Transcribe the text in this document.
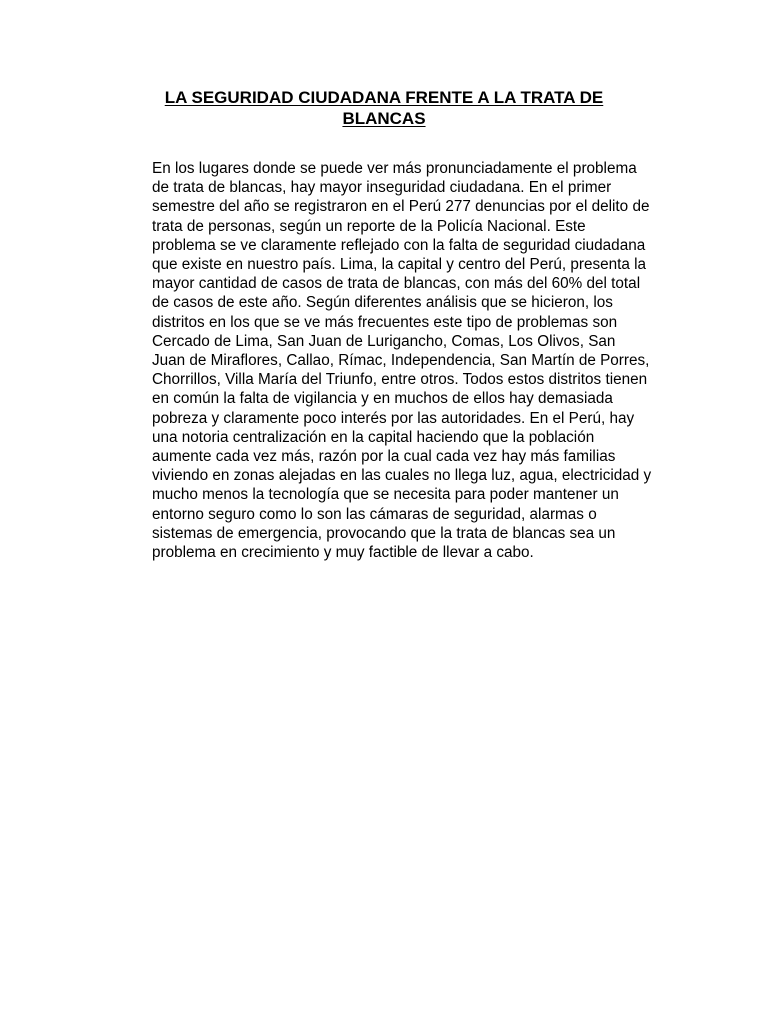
LA SEGURIDAD CIUDADANA FRENTE A LA TRATA DE
BLANCAS

En los lugares donde se puede ver más pronunciadamente el problema
de trata de blancas, hay mayor inseguridad ciudadana. En el primer
semestre del año se registraron en el Perú 277 denuncias por el delito de
trata de personas, según un reporte de la Policía Nacional. Este
problema se ve claramente reflejado con la falta de seguridad ciudadana
que existe en nuestro país. Lima, la capital y centro del Perú, presenta la
mayor cantidad de casos de trata de blancas, con más del 60% del total
de casos de este año. Según diferentes análisis que se hicieron, los
distritos en los que se ve más frecuentes este tipo de problemas son
Cercado de Lima, San Juan de Lurigancho, Comas, Los Olivos, San
Juan de Miraflores, Callao, Rímac, Independencia, San Martín de Porres,
Chorrillos, Villa María del Triunfo, entre otros. Todos estos distritos tienen
en común la falta de vigilancia y en muchos de ellos hay demasiada
pobreza y claramente poco interés por las autoridades. En el Perú, hay
una notoria centralización en la capital haciendo que la población
aumente cada vez más, razón por la cual cada vez hay más familias
viviendo en zonas alejadas en las cuales no llega luz, agua, electricidad y
mucho menos la tecnología que se necesita para poder mantener un
entorno seguro como lo son las cámaras de seguridad, alarmas o
sistemas de emergencia, provocando que la trata de blancas sea un
problema en crecimiento y muy factible de llevar a cabo.
